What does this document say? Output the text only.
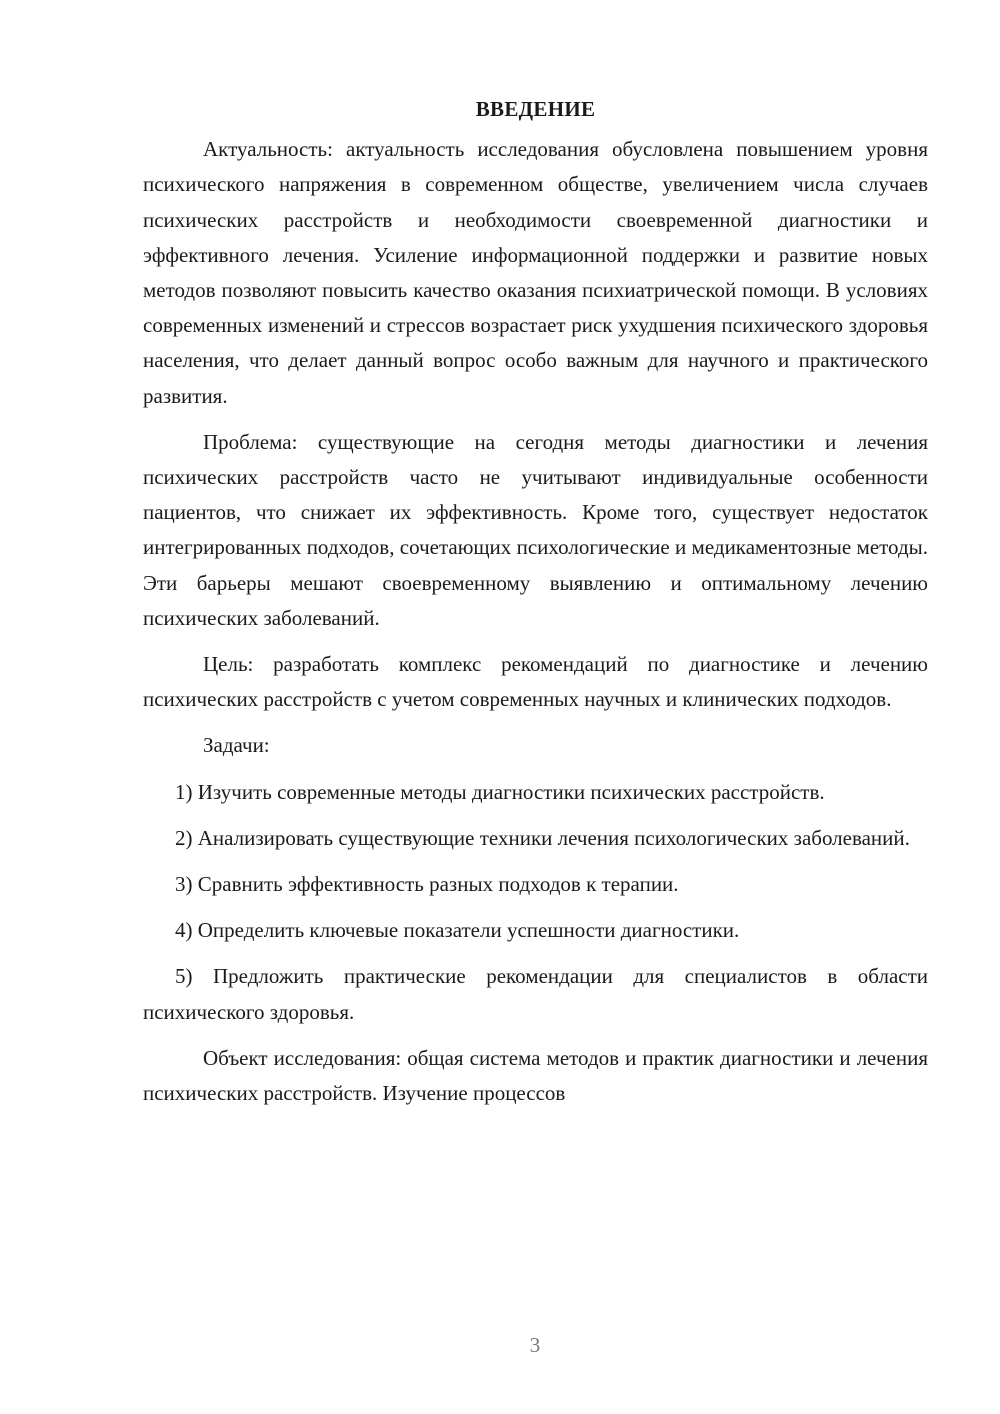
ВВЕДЕНИЕ

Актуальность: актуальность исследования обусловлена повышением уровня психического напряжения в современном обществе, увеличением числа случаев психических расстройств и необходимости своевременной диагностики и эффективного лечения. Усиление информационной поддержки и развитие новых методов позволяют повысить качество оказания психиатрической помощи. В условиях современных изменений и стрессов возрастает риск ухудшения психического здоровья населения, что делает данный вопрос особо важным для научного и практического развития.

Проблема: существующие на сегодня методы диагностики и лечения психических расстройств часто не учитывают индивидуальные особенности пациентов, что снижает их эффективность. Кроме того, существует недостаток интегрированных подходов, сочетающих психологические и медикаментозные методы. Эти барьеры мешают своевременному выявлению и оптимальному лечению психических заболеваний.

Цель: разработать комплекс рекомендаций по диагностике и лечению психических расстройств с учетом современных научных и клинических подходов.

Задачи:

1) Изучить современные методы диагностики психических расстройств.

2) Анализировать существующие техники лечения психологических заболеваний.

3) Сравнить эффективность разных подходов к терапии.

4) Определить ключевые показатели успешности диагностики.

5) Предложить практические рекомендации для специалистов в области психического здоровья.

Объект исследования: общая система методов и практик диагностики и лечения психических расстройств. Изучение процессов

3
